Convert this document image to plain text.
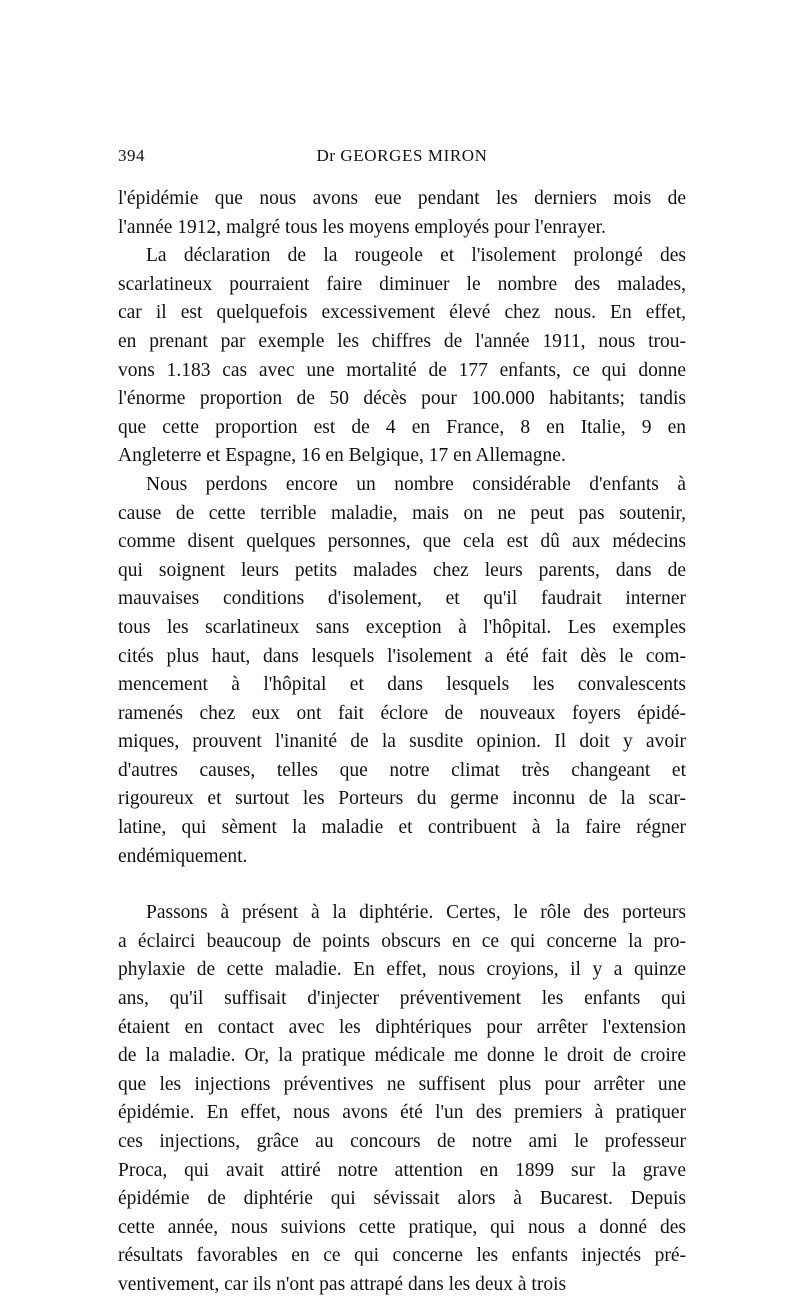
394	Dr GEORGES MIRON
l'épidémie que nous avons eue pendant les derniers mois de
l'année 1912, malgré tous les moyens employés pour l'enrayer.
La déclaration de la rougeole et l'isolement prolongé des
scarlatineux pourraient faire diminuer le nombre des malades,
car il est quelquefois excessivement élevé chez nous. En effet,
en prenant par exemple les chiffres de l'année 1911, nous trou-
vons 1.183 cas avec une mortalité de 177 enfants, ce qui donne
l'énorme proportion de 50 décès pour 100.000 habitants; tandis
que cette proportion est de 4 en France, 8 en Italie, 9 en
Angleterre et Espagne, 16 en Belgique, 17 en Allemagne.
Nous perdons encore un nombre considérable d'enfants à
cause de cette terrible maladie, mais on ne peut pas soutenir,
comme disent quelques personnes, que cela est dû aux médecins
qui soignent leurs petits malades chez leurs parents, dans de
mauvaises conditions d'isolement, et qu'il faudrait interner
tous les scarlatineux sans exception à l'hôpital. Les exemples
cités plus haut, dans lesquels l'isolement a été fait dès le com-
mencement à l'hôpital et dans lesquels les convalescents
ramenés chez eux ont fait éclore de nouveaux foyers épidé-
miques, prouvent l'inanité de la susdite opinion. Il doit y avoir
d'autres causes, telles que notre climat très changeant et
rigoureux et surtout les Porteurs du germe inconnu de la scar-
latine, qui sèment la maladie et contribuent à la faire régner
endémiquement.
Passons à présent à la diphtérie. Certes, le rôle des porteurs
a éclairci beaucoup de points obscurs en ce qui concerne la pro-
phylaxie de cette maladie. En effet, nous croyions, il y a quinze
ans, qu'il suffisait d'injecter préventivement les enfants qui
étaient en contact avec les diphtériques pour arrêter l'extension
de la maladie. Or, la pratique médicale me donne le droit de croire
que les injections préventives ne suffisent plus pour arrêter une
épidémie. En effet, nous avons été l'un des premiers à pratiquer
ces injections, grâce au concours de notre ami le professeur
Proca, qui avait attiré notre attention en 1899 sur la grave
épidémie de diphtérie qui sévissait alors à Bucarest. Depuis
cette année, nous suivions cette pratique, qui nous a donné des
résultats favorables en ce qui concerne les enfants injectés pré-
ventivement, car ils n'ont pas attrapé dans les deux à trois
